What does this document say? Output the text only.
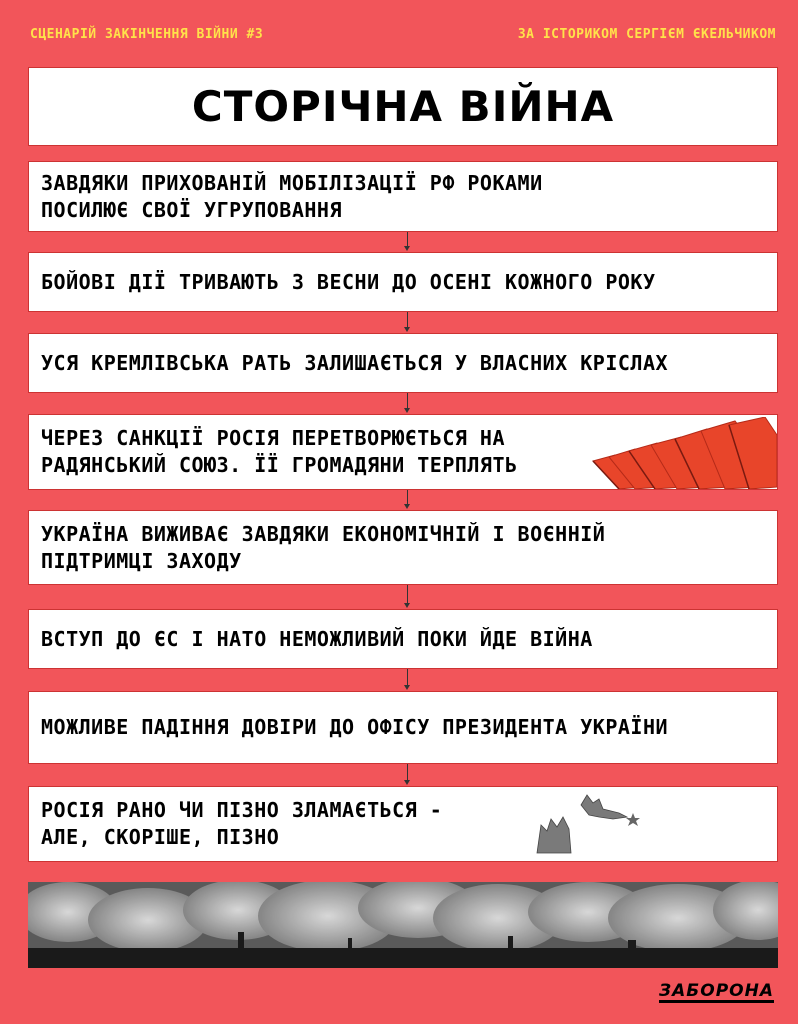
СЦЕНАРІЙ ЗАКІНЧЕННЯ ВІЙНИ #3	ЗА ІСТОРИКОМ СЕРГІЄМ ЄКЕЛЬЧИКОМ
СТОРІЧНА ВІЙНА
ЗАВДЯКИ ПРИХОВАНІЙ МОБІЛІЗАЦІЇ РФ РОКАМИ
ПОСИЛЮЄ СВОЇ УГРУПОВАННЯ
БОЙОВІ ДІЇ ТРИВАЮТЬ З ВЕСНИ ДО ОСЕНІ КОЖНОГО РОКУ
УСЯ КРЕМЛІВСЬКА РАТЬ ЗАЛИШАЄТЬСЯ У ВЛАСНИХ КРІСЛАХ
ЧЕРЕЗ САНКЦІЇ РОСІЯ ПЕРЕТВОРЮЄТЬСЯ НА
РАДЯНСЬКИЙ СОЮЗ. ЇЇ ГРОМАДЯНИ ТЕРПЛЯТЬ
УКРАЇНА ВИЖИВАЄ ЗАВДЯКИ ЕКОНОМІЧНІЙ І ВОЄННІЙ
ПІДТРИМЦІ ЗАХОДУ
ВСТУП ДО ЄС І НАТО НЕМОЖЛИВИЙ ПОКИ ЙДЕ ВІЙНА
МОЖЛИВЕ ПАДІННЯ ДОВІРИ ДО ОФІСУ ПРЕЗИДЕНТА УКРАЇНИ
РОСІЯ РАНО ЧИ ПІЗНО ЗЛАМАЄТЬСЯ -
АЛЕ, СКОРІШЕ, ПІЗНО
ЗАБОРОНА
